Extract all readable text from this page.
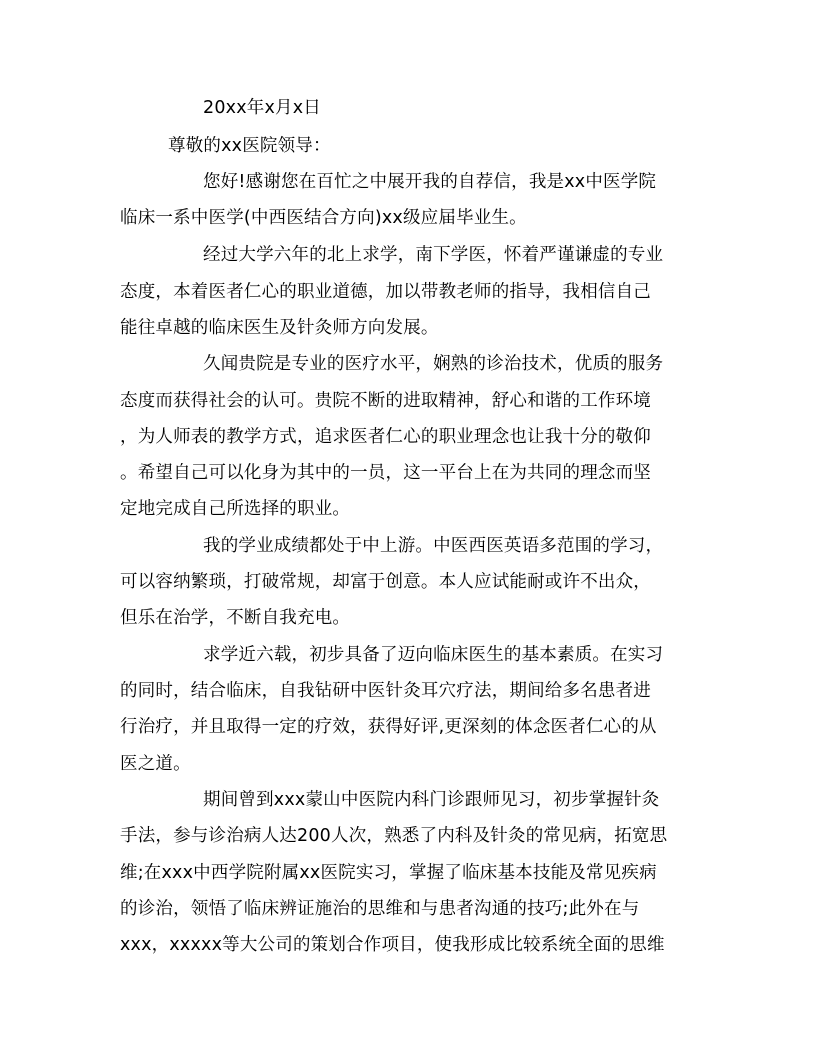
20xx年x月x日

尊敬的xx医院领导：

您好!感谢您在百忙之中展开我的自荐信，我是xx中医学院

临床一系中医学(中西医结合方向)xx级应届毕业生。

经过大学六年的北上求学，南下学医，怀着严谨谦虚的专业

态度，本着医者仁心的职业道德，加以带教老师的指导，我相信自己

能往卓越的临床医生及针灸师方向发展。

久闻贵院是专业的医疗水平，娴熟的诊治技术，优质的服务

态度而获得社会的认可。贵院不断的进取精神，舒心和谐的工作环境

，为人师表的教学方式，追求医者仁心的职业理念也让我十分的敬仰

。希望自己可以化身为其中的一员，这一平台上在为共同的理念而坚

定地完成自己所选择的职业。

我的学业成绩都处于中上游。中医西医英语多范围的学习，

可以容纳繁琐，打破常规，却富于创意。本人应试能耐或许不出众，

但乐在治学，不断自我充电。

求学近六载，初步具备了迈向临床医生的基本素质。在实习

的同时，结合临床，自我钻研中医针灸耳穴疗法，期间给多名患者进

行治疗，并且取得一定的疗效，获得好评,更深刻的体念医者仁心的从

医之道。

期间曾到xxx蒙山中医院内科门诊跟师见习，初步掌握针灸

手法，参与诊治病人达200人次，熟悉了内科及针灸的常见病，拓宽思

维;在xxx中西学院附属xx医院实习，掌握了临床基本技能及常见疾病

的诊治，领悟了临床辨证施治的思维和与患者沟通的技巧;此外在与

xxx，xxxxx等大公司的策划合作项目，使我形成比较系统全面的思维
